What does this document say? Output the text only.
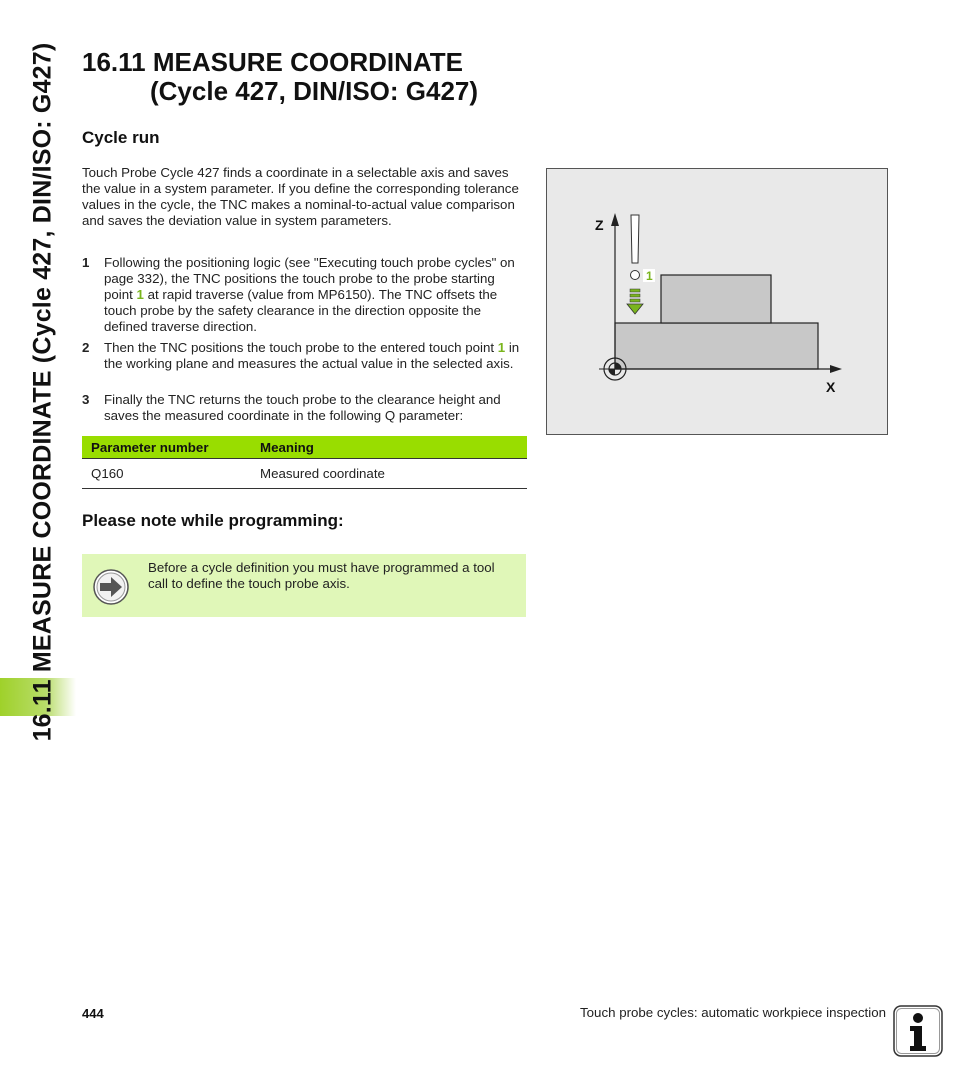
16.11 MEASURE COORDINATE (Cycle 427, DIN/ISO: G427) 16.11 MEASURE COORDINATE
(Cycle 427, DIN/ISO: G427)
Cycle run
Touch Probe Cycle 427 finds a coordinate in a selectable axis and saves the value in a system parameter. If you define the corresponding tolerance values in the cycle, the TNC makes a nominal-to-actual value comparison and saves the deviation value in system parameters.
1 Following the positioning logic (see "Executing touch probe cycles" on page 332), the TNC positions the touch probe to the probe starting point 1 at rapid traverse (value from MP6150). The TNC offsets the touch probe by the safety clearance in the direction opposite the defined traverse direction.
2 Then the TNC positions the touch probe to the entered touch point 1 in the working plane and measures the actual value in the selected axis.
3 Finally the TNC returns the touch probe to the clearance height and saves the measured coordinate in the following Q parameter:
Parameter number	Meaning
Q160	Measured coordinate
Please note while programming:
Before a cycle definition you must have programmed a tool call to define the touch probe axis.
Z
X
1
444	Touch probe cycles: automatic workpiece inspection
